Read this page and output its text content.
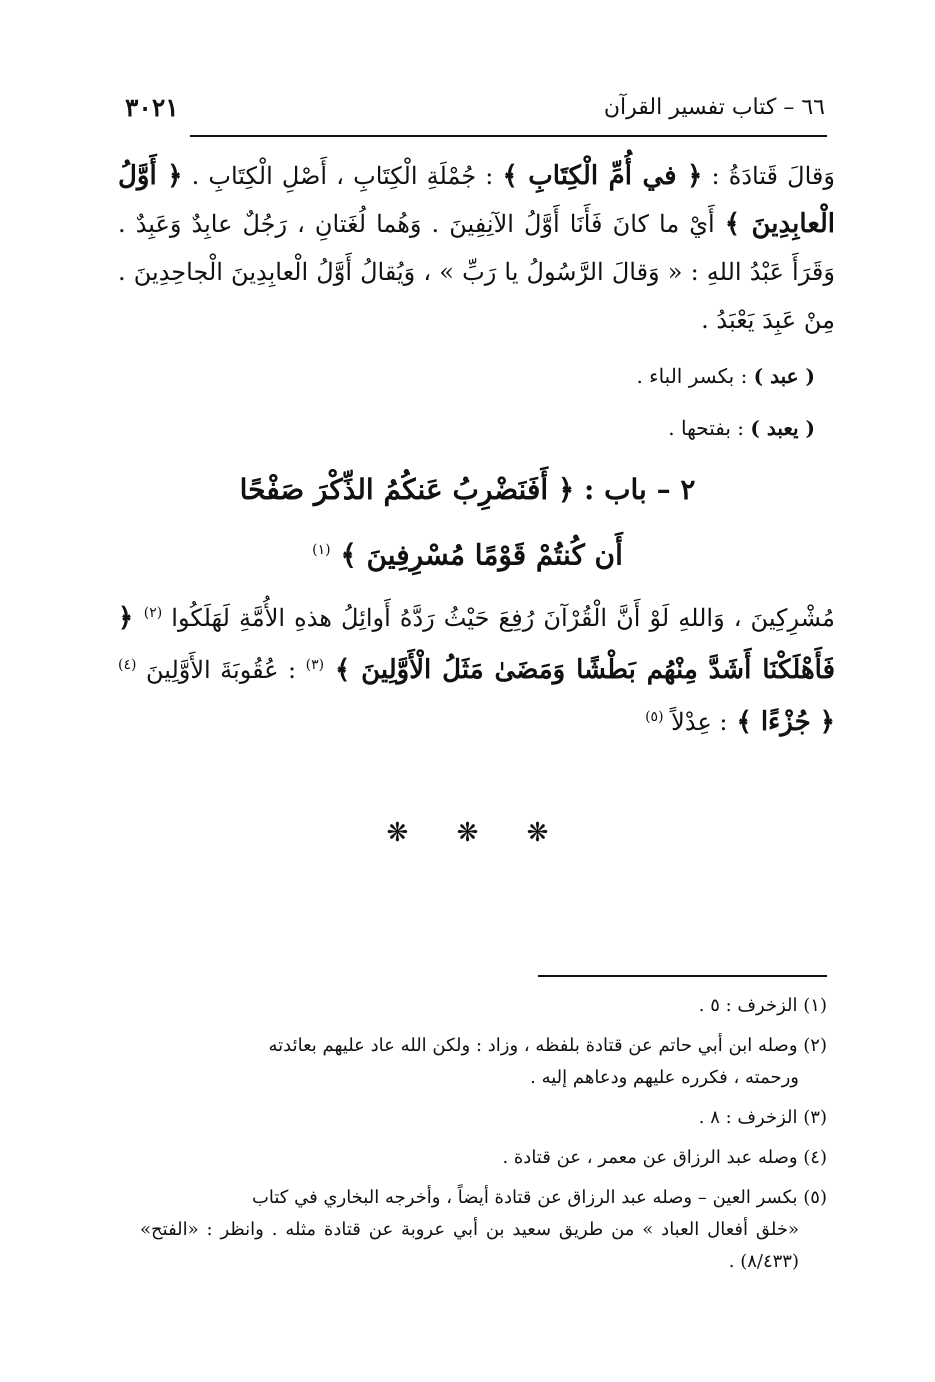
٦٦ – كتاب تفسير القرآن
٣٠٢١

وَقالَ قَتادَةُ : ﴿ في أُمِّ الْكِتَابِ ﴾ : جُمْلَةِ الْكِتَابِ ، أَصْلِ الْكِتَابِ . ﴿ أَوَّلُ الْعابِدِينَ ﴾ أَيْ ما كانَ فَأَنَا أَوَّلُ الآنِفِينَ . وَهُما لُغَتانِ ، رَجُلٌ عابِدٌ وَعَبِدٌ . وَقَرَأَ عَبْدُ اللهِ : « وَقالَ الرَّسُولُ يا رَبِّ » ، وَيُقالُ أَوَّلُ الْعابِدِينَ الْجاحِدِينَ . مِنْ عَبِدَ يَعْبَدُ .

( عبد ) : بكسر الباء .
( يعبد ) : بفتحها .
٢ – باب : ﴿ أَفَنَضْرِبُ عَنكُمُ الذِّكْرَ صَفْحًا
أَن كُنتُمْ قَوْمًا مُسْرِفِينَ ﴾ $^{(١)}$

مُشْرِكِينَ ، وَاللهِ لَوْ أَنَّ الْقُرْآنَ رُفِعَ حَيْثُ رَدَّهُ أَوائِلُ هذهِ الأُمَّةِ لَهَلَكُوا $^{(٢)}$ ﴿ فَأَهْلَكْنَا أَشَدَّ مِنْهُم بَطْشًا وَمَضَىٰ مَثَلُ الْأَوَّلِينَ ﴾ $^{(٣)}$ : عُقُوبَةَ الأَوَّلِينَ $^{(٤)}$ ﴿ جُزْءًا ﴾ : عِدْلاً $^{(٥)}$

❋ ❋ ❋

(١) الزخرف : ٥ .

(٢) وصله ابن أبي حاتم عن قتادة بلفظه ، وزاد : ولكن الله عاد عليهم بعائدته
ورحمته ، فكرره عليهم ودعاهم إليه .

(٣) الزخرف : ٨ .

(٤) وصله عبد الرزاق عن معمر ، عن قتادة .

(٥) بكسر العين – وصله عبد الرزاق عن قتادة أيضاً ، وأخرجه البخاري في كتاب
«خلق أفعال العباد » من طريق سعيد بن أبي عروبة عن قتادة مثله . وانظر : «الفتح» (٨/٤٣٣) .
